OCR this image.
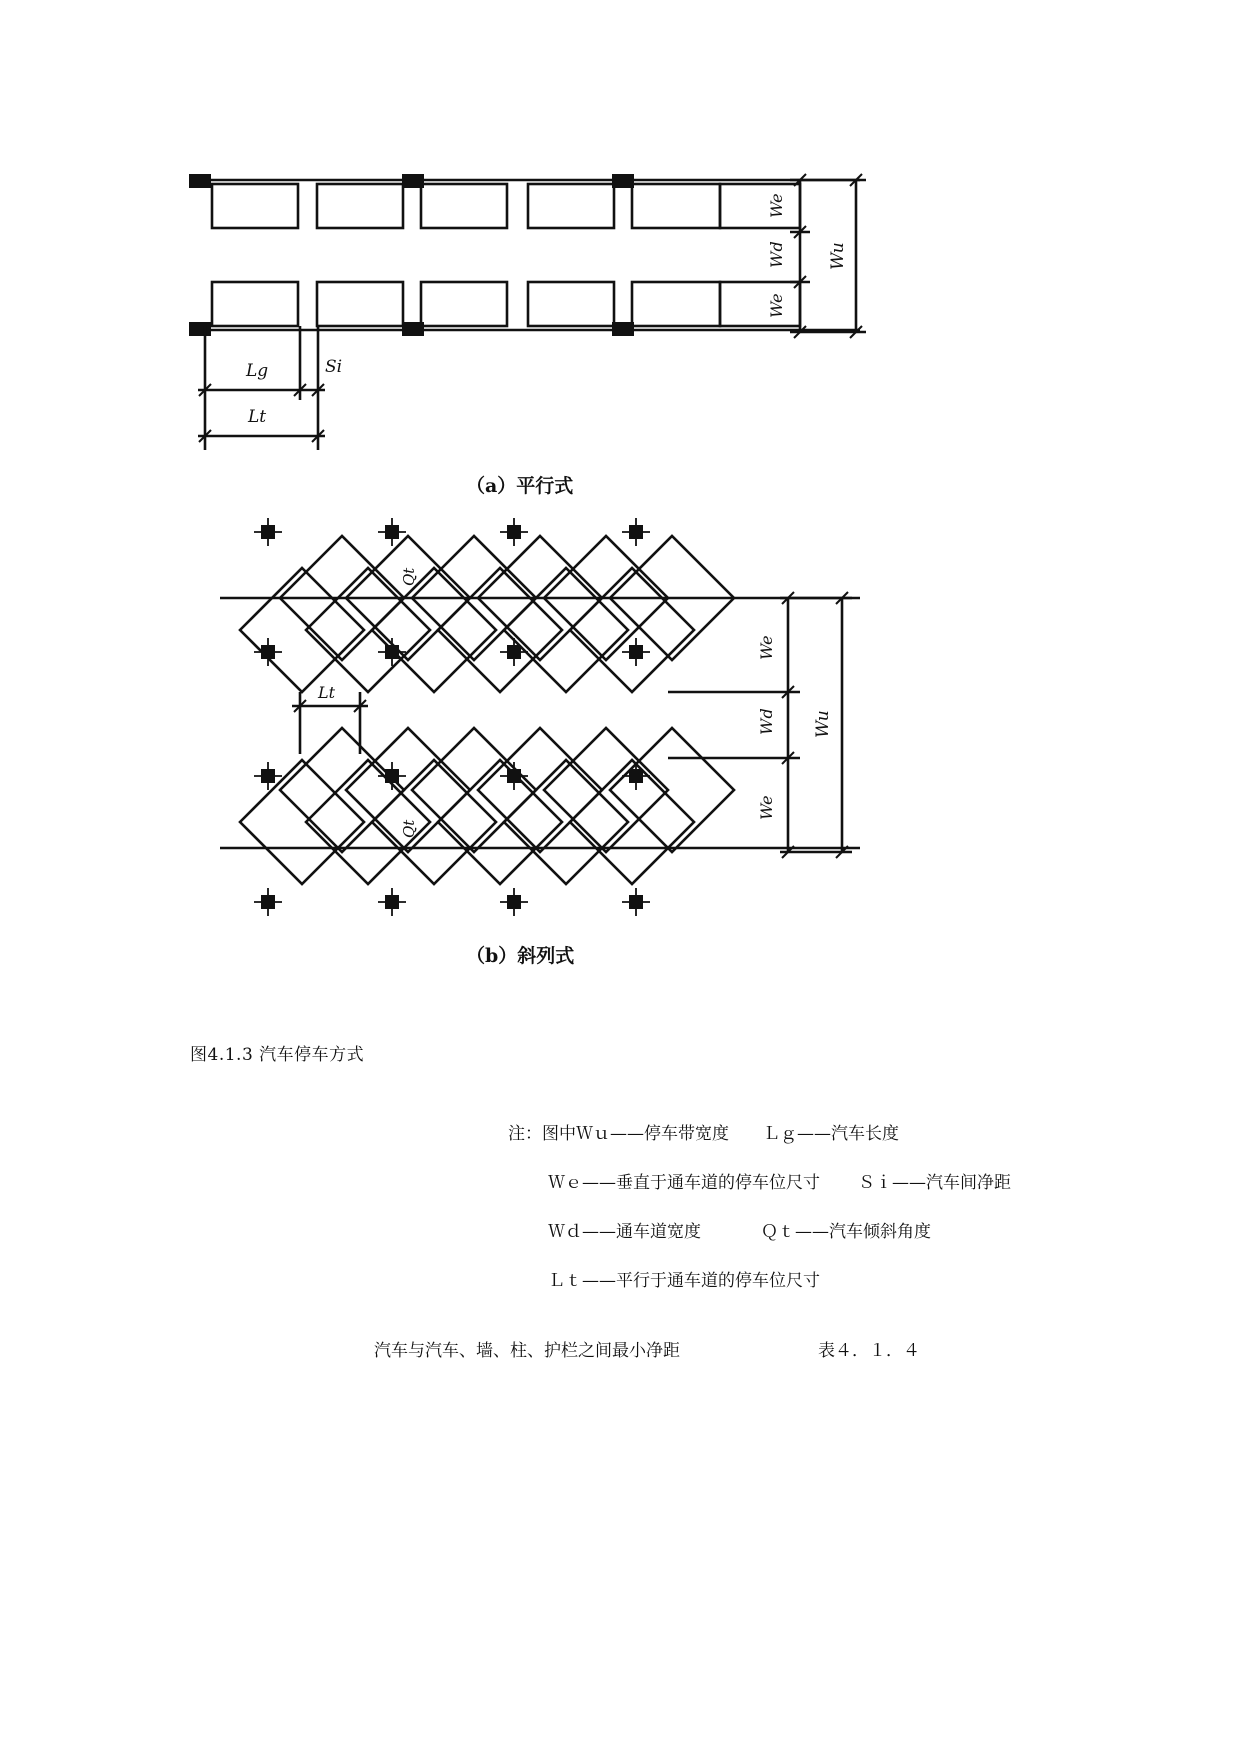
We
Wd
We
Wu
Lg
Lt
Si
（a）平行式
Qt
Qt
Lt
We
Wd
We
Wu
（b）斜列式
图4.1.3 汽车停车方式
注：图中Ｗｕ——停车带宽度 Ｌｇ——汽车长度
Ｗｅ——垂直于通车道的停车位尺寸 Ｓｉ——汽车间净距
Ｗｄ——通车道宽度	Ｑｔ——汽车倾斜角度
Ｌｔ——平行于通车道的停车位尺寸
汽车与汽车、墙、柱、护栏之间最小净距	表４．１．４
